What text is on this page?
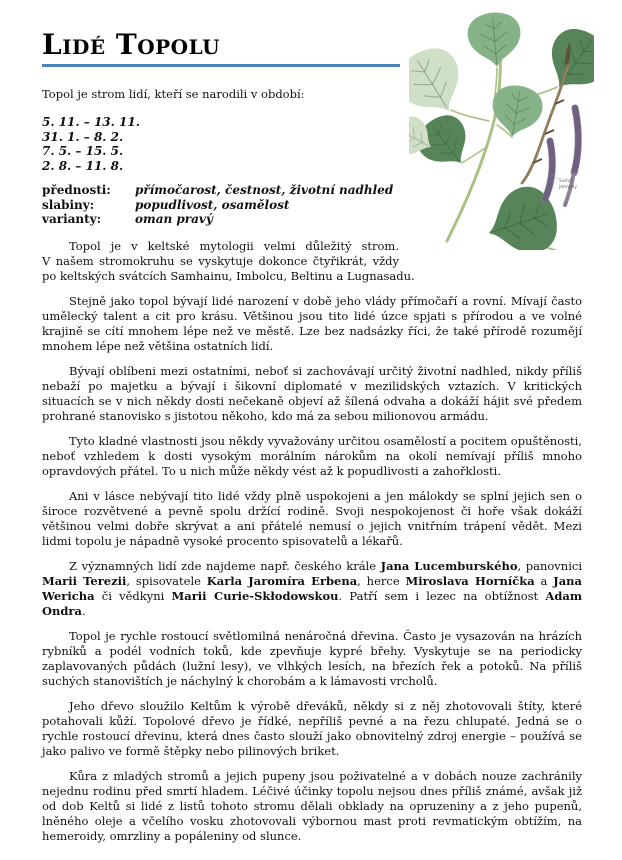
Samčí
jehnědy
Lidé Topolu

Topol je strom lidí, kteří se narodili v období:

5. 11. – 13. 11.
31. 1. – 8. 2.
7. 5. – 15. 5.
2. 8. – 11. 8.
přednosti: přímočarost, čestnost, životní nadhled
slabiny:	popudlivost, osamělost
varianty:	oman pravý
Topol je v keltské mytologii velmi důležitý strom.
V našem stromokruhu se vyskytuje dokonce čtyřikrát, vždy po keltských svátcích Samhainu, Imbolcu, Beltinu a Lugnasadu.

Stejně jako topol bývají lidé narození v době jeho vlády přímočaří a rovní. Mívají často umělecký talent a cit pro krásu. Většinou jsou tito lidé úzce spjati s přírodou a ve volné krajině se cítí mnohem lépe než ve městě. Lze bez nadsázky říci, že také přírodě rozumějí mnohem lépe než většina ostatních lidí.

Bývají oblíbeni mezi ostatními, neboť si zachovávají určitý životní nadhled, nikdy příliš nebaží po majetku a bývají i šikovní diplomaté v mezilidských vztazích. V kritických situacích se v nich někdy dosti nečekaně objeví až šílená odvaha a dokáží hájit své předem prohrané stanovisko s jistotou někoho, kdo má za sebou milionovou armádu.

Tyto kladné vlastnosti jsou někdy vyvažovány určitou osamělostí a pocitem opuštěnosti, neboť vzhledem k dosti vysokým morálním nárokům na okolí nemívají příliš mnoho opravdových přátel. To u nich může někdy vést až k popudlivosti a zahořklosti.

Ani v lásce nebývají tito lidé vždy plně uspokojeni a jen málokdy se splní jejich sen o široce rozvětvené a pevně spolu držící rodině. Svoji nespokojenost či hoře však dokáží většinou velmi dobře skrývat a ani přátelé nemusí o jejich vnitřním trápení vědět. Mezi lidmi topolu je nápadně vysoké procento spisovatelů a lékařů.

Z významných lidí zde najdeme např. českého krále Jana Lucemburského, panovnici Marii Terezii, spisovatele Karla Jaromíra Erbena, herce Miroslava Horníčka a Jana Wericha či vědkyni Marii Curie-Skłodowskou. Patří sem i lezec na obtížnost Adam Ondra.

Topol je rychle rostoucí světlomilná nenáročná dřevina. Často je vysazován na hrázích rybníků a podél vodních toků, kde zpevňuje kypré břehy. Vyskytuje se na periodicky zaplavovaných půdách (lužní lesy), ve vlhkých lesích, na březích řek a potoků. Na příliš suchých stanovištích je náchylný k chorobám a k lámavosti vrcholů.

Jeho dřevo sloužilo Keltům k výrobě dřeváků, někdy si z něj zhotovovali štíty, které potahovali kůží. Topolové dřevo je řídké, nepříliš pevné a na řezu chlupaté. Jedná se o rychle rostoucí dřevinu, která dnes často slouží jako obnovitelný zdroj energie – používá se jako palivo ve formě štěpky nebo pilinových briket.

Kůra z mladých stromů a jejich pupeny jsou poživatelné a v dobách nouze zachránily nejednu rodinu před smrtí hladem. Léčivé účinky topolu nejsou dnes příliš známé, avšak již od dob Keltů si lidé z listů tohoto stromu dělali obklady na opruzeniny a z jeho pupenů, lněného oleje a včelího vosku zhotovovali výbornou mast proti revmatickým obtížím, na hemeroidy, omrzliny a popáleniny od slunce.
